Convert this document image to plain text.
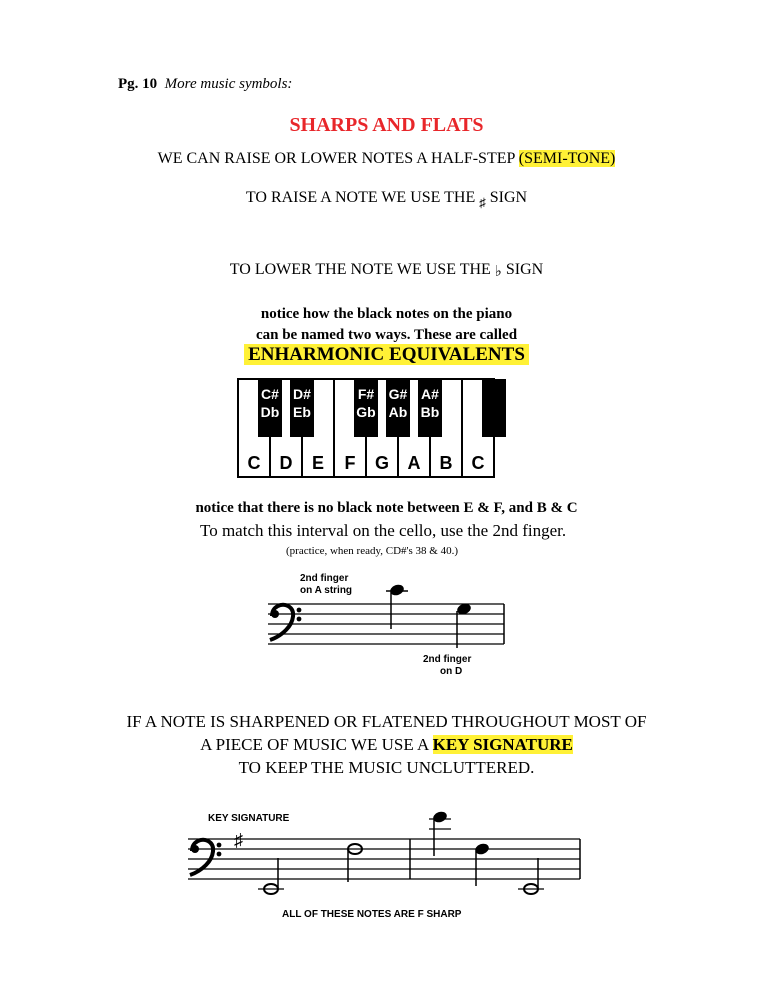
Pg. 10 More music symbols:
SHARPS AND FLATS
WE CAN RAISE OR LOWER NOTES A HALF-STEP (SEMI-TONE)
TO RAISE A NOTE WE USE THE $_♯$ SIGN
TO LOWER THE NOTE WE USE THE ♭ SIGN
notice how the black notes on the piano
can be named two ways. These are called
ENHARMONIC EQUIVALENTS
C D E F G A B C
C#
Db
D#
Eb
F#
Gb
G#
Ab
A#
Bb
notice that there is no black note between E & F, and B & C
To match this interval on the cello, use the 2nd finger.
(practice, when ready, CD#'s 38 & 40.)
2nd finger
on A string
2nd finger
on D
IF A NOTE IS SHARPENED OR FLATENED THROUGHOUT MOST OF
A PIECE OF MUSIC WE USE A KEY SIGNATURE
TO KEEP THE MUSIC UNCLUTTERED.
KEY SIGNATURE
♯
ALL OF THESE NOTES ARE F SHARP
